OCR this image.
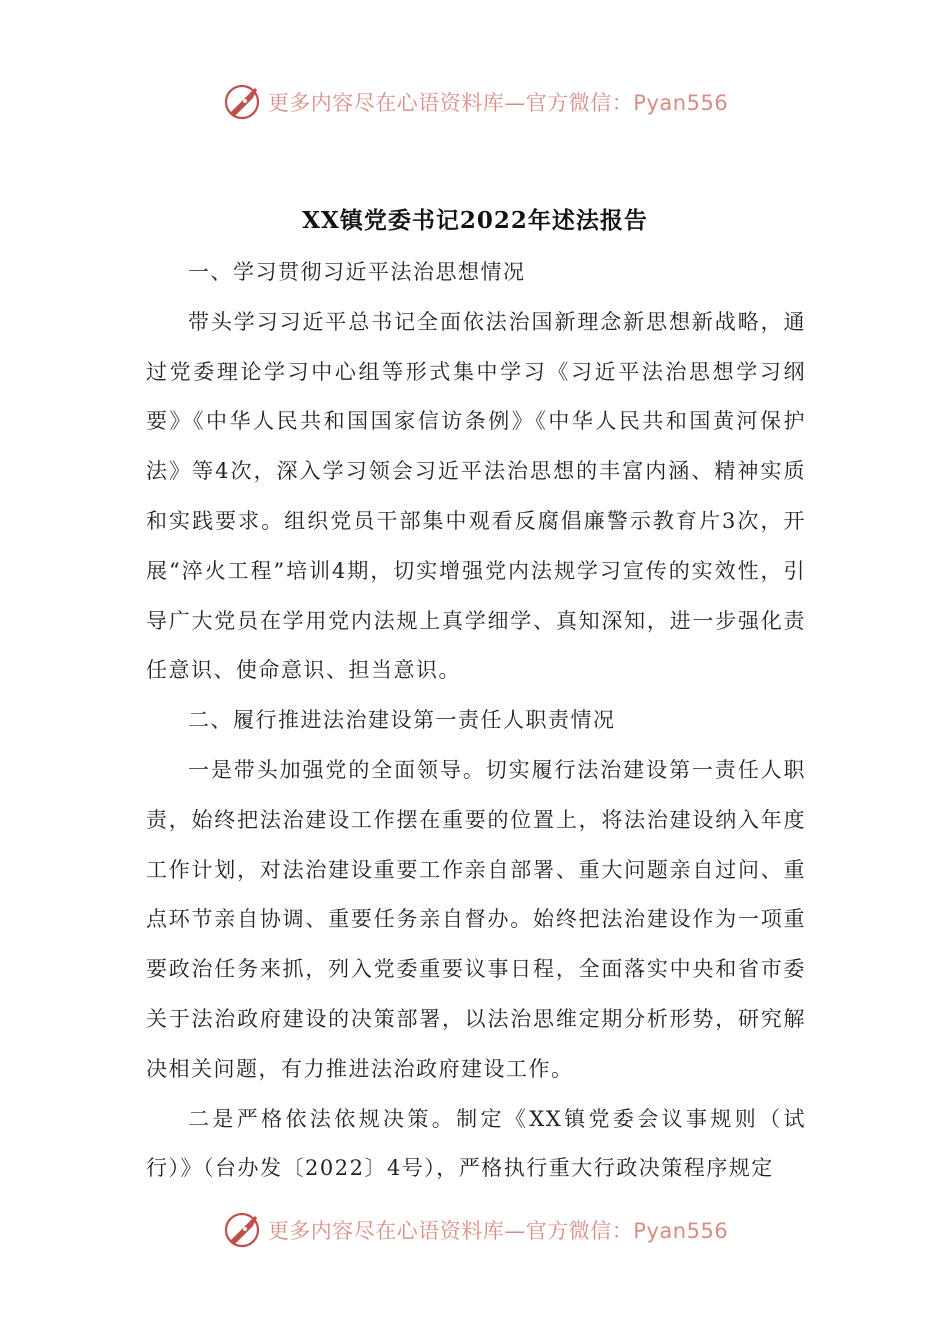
更多内容尽在心语资料库—官方微信：Pyan556
XX镇党委书记2022年述法报告

一、学习贯彻习近平法治思想情况

带头学习习近平总书记全面依法治国新理念新思想新战略，通过党委理论学习中心组等形式集中学习《习近平法治思想学习纲要》《中华人民共和国国家信访条例》《中华人民共和国黄河保护法》等4次，深入学习领会习近平法治思想的丰富内涵、精神实质和实践要求。组织党员干部集中观看反腐倡廉警示教育片3次，开展“淬火工程”培训4期，切实增强党内法规学习宣传的实效性，引导广大党员在学用党内法规上真学细学、真知深知，进一步强化责任意识、使命意识、担当意识。

二、履行推进法治建设第一责任人职责情况

一是带头加强党的全面领导。切实履行法治建设第一责任人职责，始终把法治建设工作摆在重要的位置上，将法治建设纳入年度工作计划，对法治建设重要工作亲自部署、重大问题亲自过问、重点环节亲自协调、重要任务亲自督办。始终把法治建设作为一项重要政治任务来抓，列入党委重要议事日程，全面落实中央和省市委关于法治政府建设的决策部署，以法治思维定期分析形势，研究解决相关问题，有力推进法治政府建设工作。

二是严格依法依规决策。制定《XX镇党委会议事规则（试行）》（台办发〔2022〕4号），严格执行重大行政决策程序规定

更多内容尽在心语资料库—官方微信：Pyan556
